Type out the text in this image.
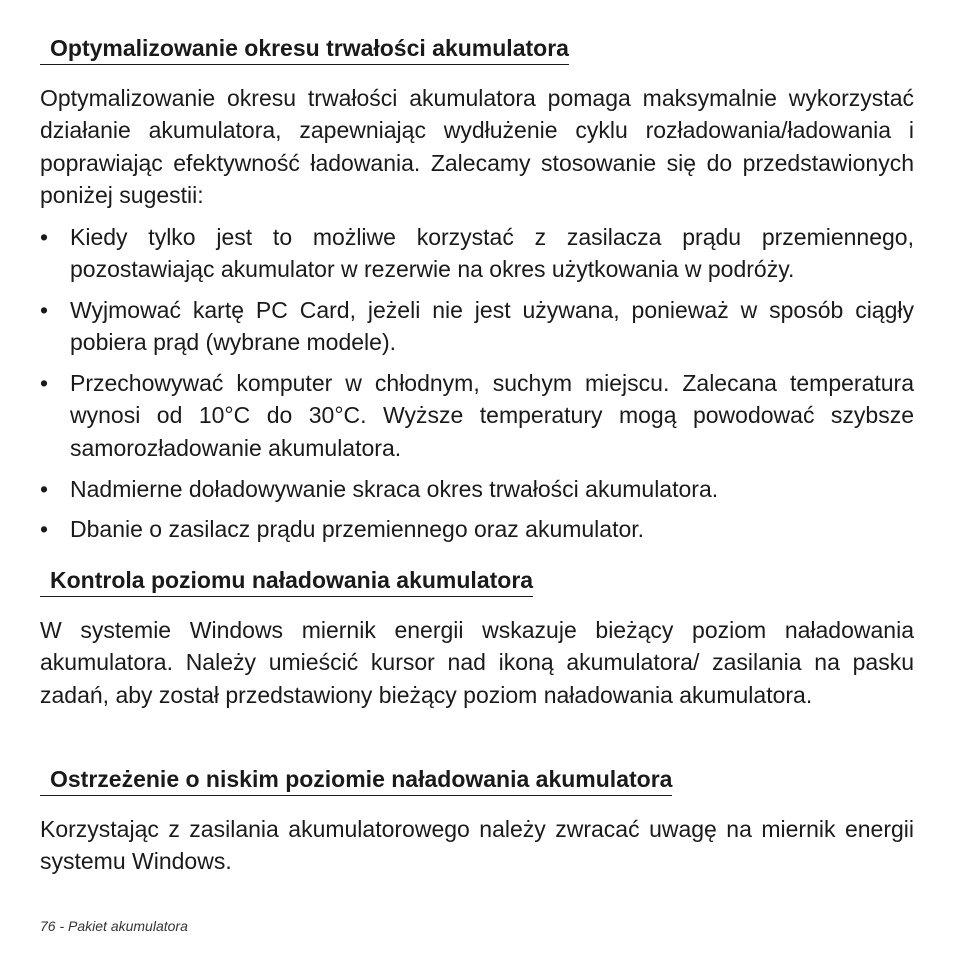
Optymalizowanie okresu trwałości akumulatora

Optymalizowanie okresu trwałości akumulatora pomaga maksymalnie wykorzystać działanie akumulatora, zapewniając wydłużenie cyklu rozładowania/ładowania i poprawiając efektywność ładowania. Zalecamy stosowanie się do przedstawionych poniżej sugestii:

• Kiedy tylko jest to możliwe korzystać z zasilacza prądu przemiennego, pozostawiając akumulator w rezerwie na okres użytkowania w podróży.
• Wyjmować kartę PC Card, jeżeli nie jest używana, ponieważ w sposób ciągły pobiera prąd (wybrane modele).
• Przechowywać komputer w chłodnym, suchym miejscu. Zalecana temperatura wynosi od 10°C do 30°C. Wyższe temperatury mogą powodować szybsze samorozładowanie akumulatora.
• Nadmierne doładowywanie skraca okres trwałości akumulatora.
• Dbanie o zasilacz prądu przemiennego oraz akumulator.
Kontrola poziomu naładowania akumulatora

W systemie Windows miernik energii wskazuje bieżący poziom naładowania akumulatora. Należy umieścić kursor nad ikoną akumulatora/ zasilania na pasku zadań, aby został przedstawiony bieżący poziom naładowania akumulatora.

Ostrzeżenie o niskim poziomie naładowania akumulatora

Korzystając z zasilania akumulatorowego należy zwracać uwagę na miernik energii systemu Windows.

76 - Pakiet akumulatora
